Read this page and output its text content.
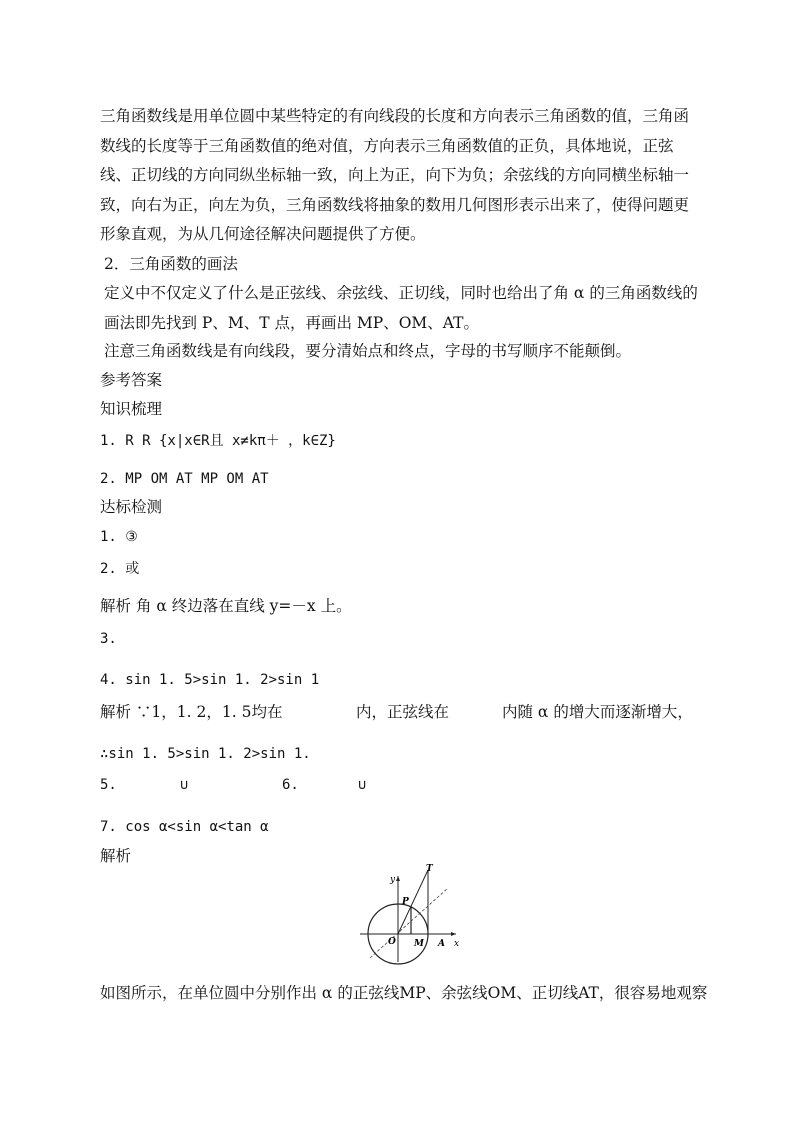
三角函数线是用单位圆中某些特定的有向线段的长度和方向表示三角函数的值，三角函数线的长度等于三角函数值的绝对值，方向表示三角函数值的正负，具体地说，正弦线、正切线的方向同纵坐标轴一致，向上为正，向下为负；余弦线的方向同横坐标轴一致，向右为正，向左为负，三角函数线将抽象的数用几何图形表示出来了，使得问题更形象直观，为从几何途径解决问题提供了方便。
2．三角函数的画法
定义中不仅定义了什么是正弦线、余弦线、正切线，同时也给出了角 α 的三角函数线的画法即先找到 P、M、T 点，再画出 MP、OM、AT。
注意三角函数线是有向线段，要分清始点和终点，字母的书写顺序不能颠倒。
参考答案
知识梳理
1. R R {x|x∈R且 x≠kπ＋ ，k∈Z}
2. MP OM AT MP OM AT
达标检测
1. ③
2. 或
解析 角 α 终边落在直线 y=－x 上。
3.
4. sin 1. 5>sin 1. 2>sin 1
解析 ∵1，1. 2，1. 5均在	内，正弦线在	内随 α 的增大而逐渐增大，
∴sin 1. 5>sin 1. 2>sin 1.
5.	∪	6.	∪
7. cos α<sin α<tan α
解析
y
T
P
O M A x
如图所示，在单位圆中分别作出 α 的正弦线MP、余弦线OM、正切线AT，很容易地观察
